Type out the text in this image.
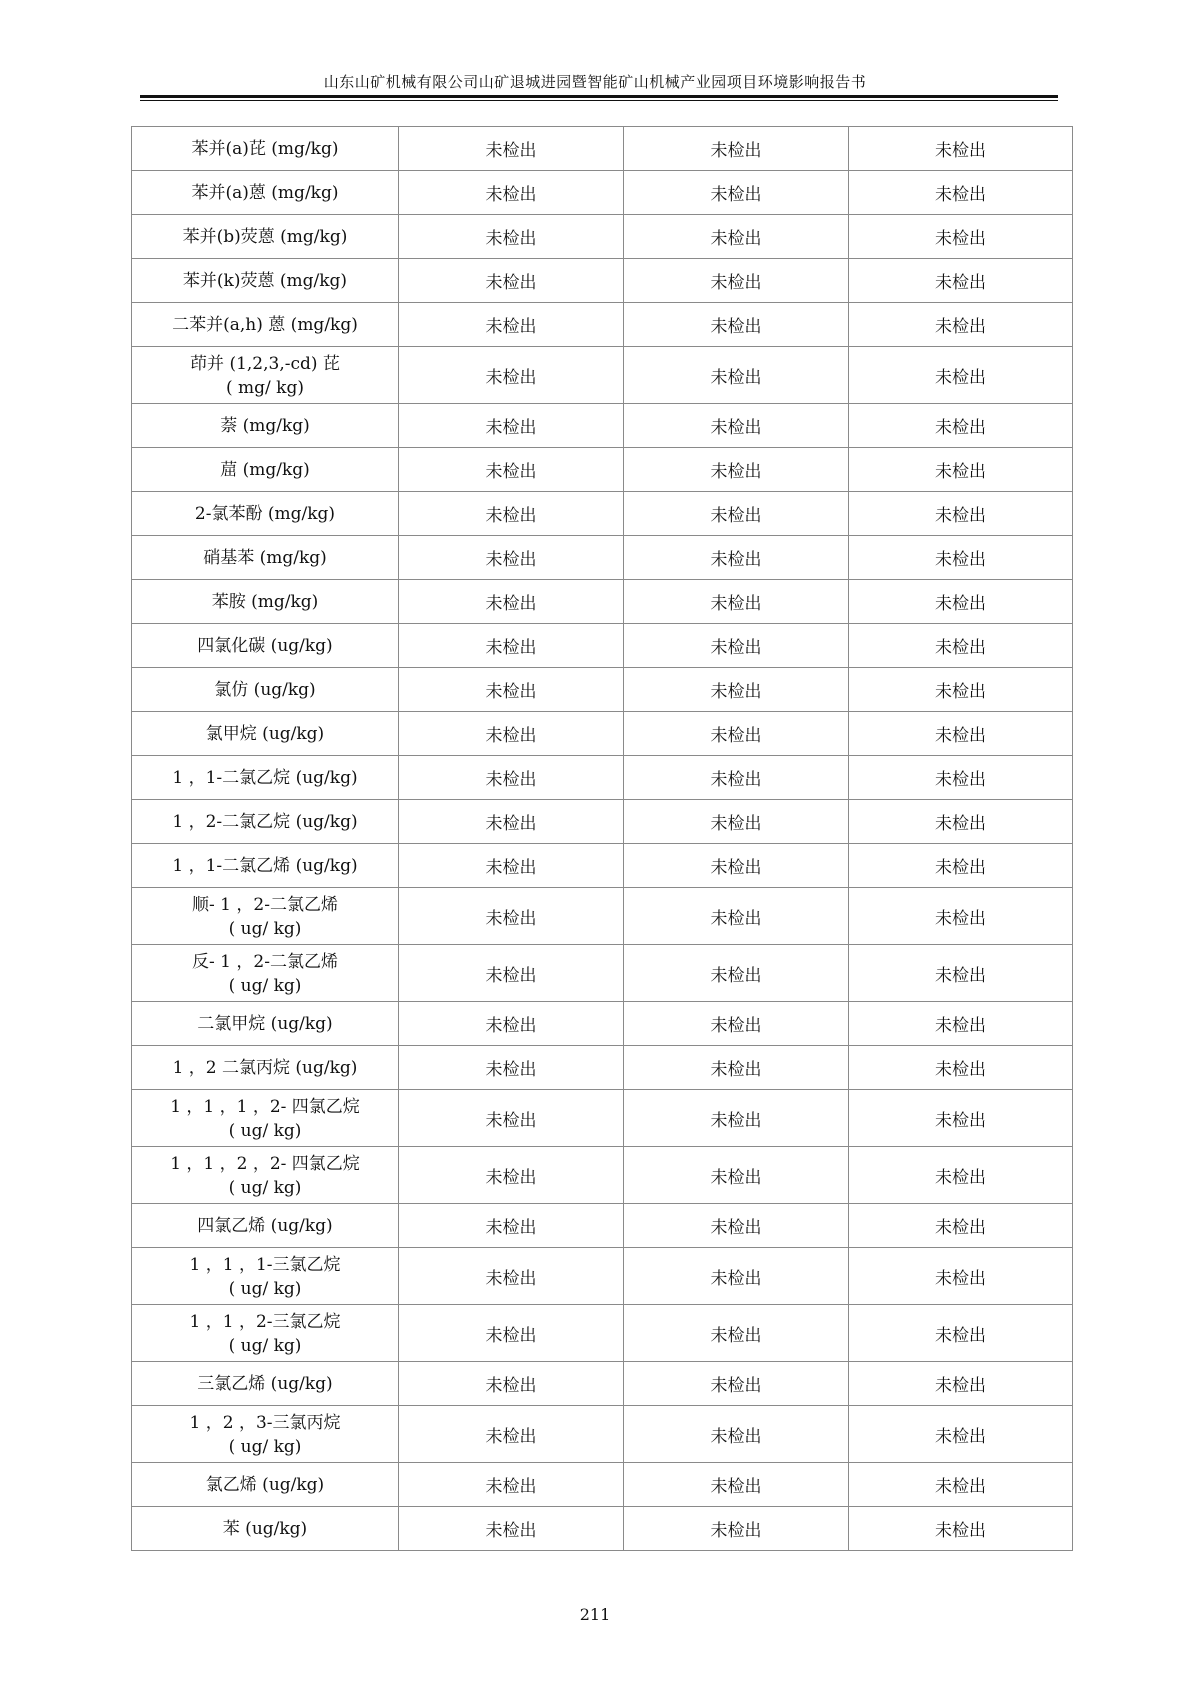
山东山矿机械有限公司山矿退城进园暨智能矿山机械产业园项目环境影响报告书
苯并(a)芘 (mg/kg)	未检出	未检出	未检出

苯并(a)蒽 (mg/kg)	未检出	未检出	未检出

苯并(b)荧蒽 (mg/kg)	未检出	未检出	未检出

苯并(k)荧蒽 (mg/kg)	未检出	未检出	未检出

二苯并(a,h) 蒽 (mg/kg)	未检出	未检出	未检出

茚并 (1,2,3,-cd) 芘
( mg/ kg)	未检出	未检出	未检出

萘 (mg/kg)	未检出	未检出	未检出

䓛 (mg/kg)	未检出	未检出	未检出

2-氯苯酚 (mg/kg)	未检出	未检出	未检出

硝基苯 (mg/kg)	未检出	未检出	未检出

苯胺 (mg/kg)	未检出	未检出	未检出

四氯化碳 (ug/kg)	未检出	未检出	未检出

氯仿 (ug/kg)	未检出	未检出	未检出

氯甲烷 (ug/kg)	未检出	未检出	未检出

1 ，1-二氯乙烷 (ug/kg)	未检出	未检出	未检出

1 ，2-二氯乙烷 (ug/kg)	未检出	未检出	未检出

1 ，1-二氯乙烯 (ug/kg)	未检出	未检出	未检出

顺- 1 ，2-二氯乙烯
( ug/ kg)	未检出	未检出	未检出

反- 1 ，2-二氯乙烯
( ug/ kg)	未检出	未检出	未检出

二氯甲烷 (ug/kg)	未检出	未检出	未检出

1 ，2 二氯丙烷 (ug/kg)	未检出	未检出	未检出

1 ，1 ，1 ，2- 四氯乙烷
( ug/ kg)	未检出	未检出	未检出

1 ，1 ，2 ，2- 四氯乙烷
( ug/ kg)	未检出	未检出	未检出

四氯乙烯 (ug/kg)	未检出	未检出	未检出

1 ，1 ，1-三氯乙烷
( ug/ kg)	未检出	未检出	未检出

1 ，1 ，2-三氯乙烷
( ug/ kg)	未检出	未检出	未检出

三氯乙烯 (ug/kg)	未检出	未检出	未检出

1 ，2 ，3-三氯丙烷
( ug/ kg)	未检出	未检出	未检出

氯乙烯 (ug/kg)	未检出	未检出	未检出

苯 (ug/kg)	未检出	未检出	未检出
211
